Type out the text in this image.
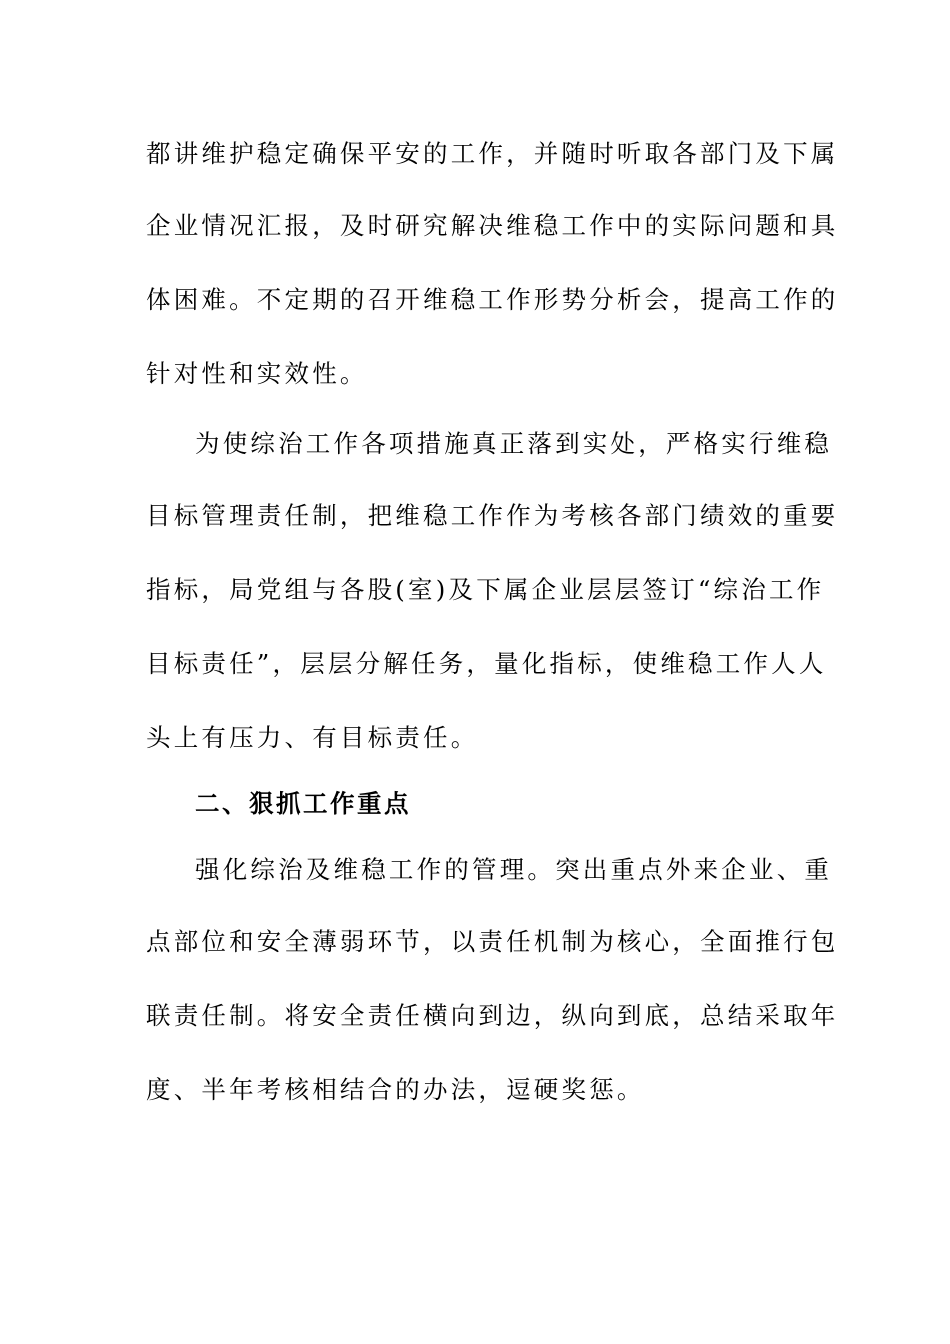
都讲维护稳定确保平安的工作，并随时听取各部门及下属
企业情况汇报，及时研究解决维稳工作中的实际问题和具
体困难。不定期的召开维稳工作形势分析会，提高工作的
针对性和实效性。
为使综治工作各项措施真正落到实处，严格实行维稳
目标管理责任制，把维稳工作作为考核各部门绩效的重要
指标，局党组与各股(室)及下属企业层层签订“综治工作
目标责任”，层层分解任务，量化指标，使维稳工作人人
头上有压力、有目标责任。
二、狠抓工作重点
强化综治及维稳工作的管理。突出重点外来企业、重
点部位和安全薄弱环节，以责任机制为核心，全面推行包
联责任制。将安全责任横向到边，纵向到底，总结采取年
度、半年考核相结合的办法，逗硬奖惩。
